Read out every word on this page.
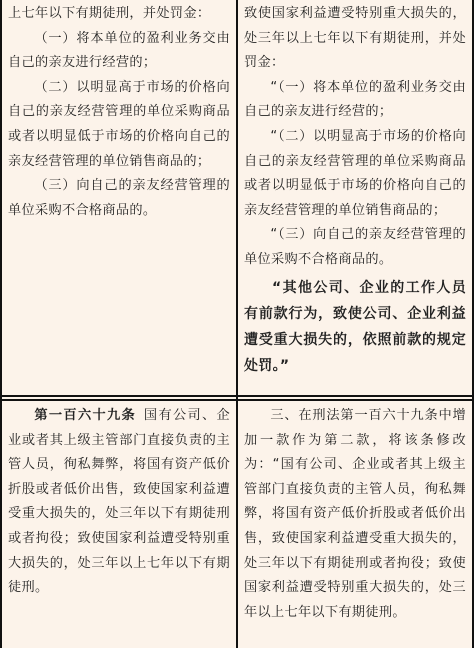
上七年以下有期徒刑，并处罚金：

（一）将本单位的盈利业务交由自己的亲友进行经营的；

（二）以明显高于市场的价格向自己的亲友经营管理的单位采购商品或者以明显低于市场的价格向自己的亲友经营管理的单位销售商品的；

（三）向自己的亲友经营管理的单位采购不合格商品的。

致使国家利益遭受特别重大损失的，处三年以上七年以下有期徒刑，并处罚金：

“（一）将本单位的盈利业务交由自己的亲友进行经营的；

“（二）以明显高于市场的价格向自己的亲友经营管理的单位采购商品或者以明显低于市场的价格向自己的亲友经营管理的单位销售商品的；

“（三）向自己的亲友经营管理的单位采购不合格商品的。

“其他公司、企业的工作人员有前款行为，致使公司、企业利益遭受重大损失的，依照前款的规定处罚。”

第一百六十九条 国有公司、企业或者其上级主管部门直接负责的主管人员，徇私舞弊，将国有资产低价折股或者低价出售，致使国家利益遭受重大损失的，处三年以下有期徒刑或者拘役；致使国家利益遭受特别重大损失的，处三年以上七年以下有期徒刑。

三、在刑法第一百六十九条中增加一款作为第二款，将该条修改为：“国有公司、企业或者其上级主管部门直接负责的主管人员，徇私舞弊，将国有资产低价折股或者低价出售，致使国家利益遭受重大损失的，处三年以下有期徒刑或者拘役；致使国家利益遭受特别重大损失的，处三年以上七年以下有期徒刑。
